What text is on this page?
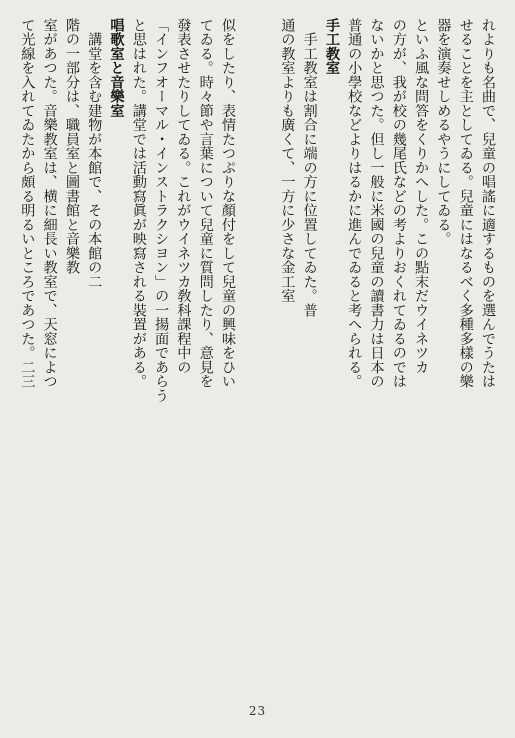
れよりも名曲で、兒童の唱謠に適するものを選んでうたは

せることを主としてゐる。兒童にはなるべく多種多樣の樂

器を演奏せしめるやうにしてゐる。

といふ風な問答をくりかへした。この點末だウイネツカ

の方が、我が校の幾尾氏などの考よりおくれてゐるのでは

ないかと思つた。但し一般に米國の兒童の讀書力は日本の

普通の小學校などよりはるかに進んでゐると考へられる。

手工教室

　手工教室は割合に端の方に位置してゐた。普

通の教室よりも廣くて、一方に少さな金工室

似をしたり、表情たつぷりな顏付をして兒童の興味をひい

てゐる。時々節や言葉について兒童に質問したり、意見を

發表させたりしてゐる。これがウイネツカ敎科課程中の

「インフオーマル・インストラクシヨン」の一揚面であらう

と思はれた。講堂では活動寫眞が映寫される裝置がある。

唱歌室と音樂室

　講堂を含む建物が本館で、その本館の二

階の一部分は、職員室と圖書館と音樂教

室があつた。音樂教室は、横に細長い教室で、天窓によつ

て光線を入れてゐたから頗る明るいところであつた。二三

23
